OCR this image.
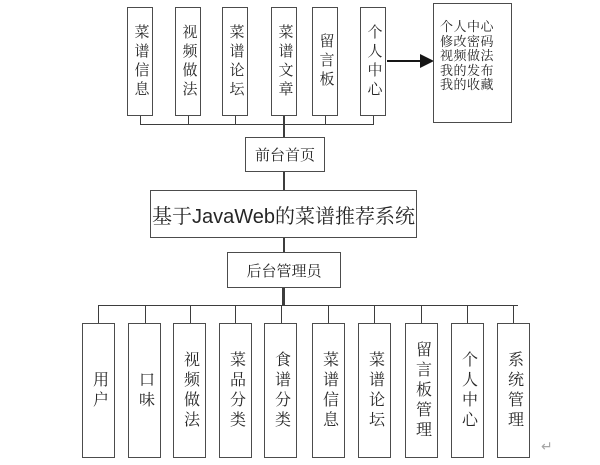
菜谱信息	视频做法	菜谱论坛	菜谱文章	留言板	个人中心
前台首页
基于JavaWeb的菜谱推荐系统
后台管理员
个人中心
修改密码
视频做法
我的发布
我的收藏
用户	口味	视频做法	菜品分类	食谱分类	菜谱信息	菜谱论坛	留言板管理	个人中心	系统管理
↵
